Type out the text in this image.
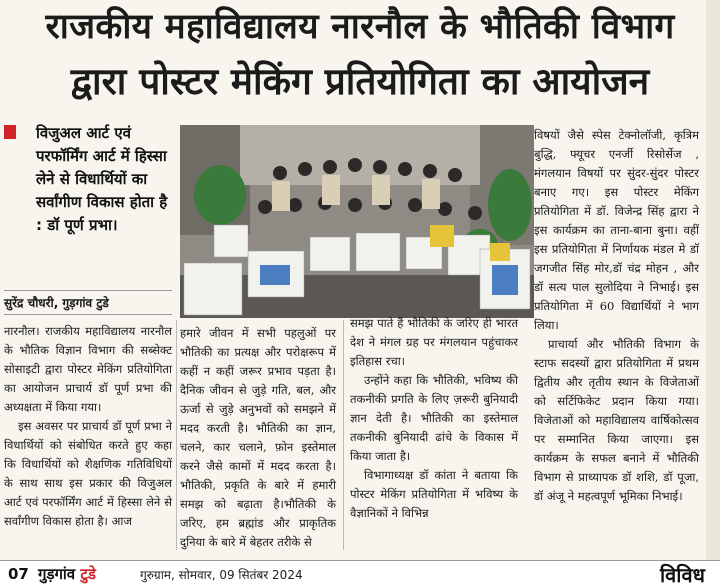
राजकीय महाविद्यालय नारनौल के भौतिकी विभाग
द्वारा पोस्टर मेकिंग प्रतियोगिता का आयोजन
विजुअल आर्ट एवं परफॉर्मिंग आर्ट में हिस्सा लेने से विधार्थियों का सर्वांगीण विकास होता है : डॉ पूर्ण प्रभा।
सुरेंद्र चौधरी, गुड़गांव टुडे

नारनौल। राजकीय महाविद्यालय नारनौल के भौतिक विज्ञान विभाग की सब्सेक्ट सोसाइटी द्वारा पोस्टर मेकिंग प्रतियोगिता का आयोजन प्राचार्य डॉ पूर्ण प्रभा की अध्यक्षता में किया गया।

इस अवसर पर प्राचार्य डॉ पूर्ण प्रभा ने विधार्थियों को संबोधित करते हुए कहा कि विधार्थियों को शैक्षणिक गतिविधियों के साथ साथ इस प्रकार की विजुअल आर्ट एवं परफॉर्मिंग आर्ट में हिस्सा लेने से सर्वांगीण विकास होता है। आज

हमारे जीवन में सभी पहलुओं पर भौतिकी का प्रत्यक्ष और परोक्षरूप में कहीं न कहीं जरूर प्रभाव पड़ता है। दैनिक जीवन से जुड़े गति, बल, और ऊर्जा से जुड़े अनुभवों को समझने में मदद करती है। भौतिकी का ज्ञान, चलने, कार चलाने, फ़ोन इस्तेमाल करने जैसे कामों में मदद करता है।भौतिकी, प्रकृति के बारे में हमारी समझ को बढ़ाता है।भौतिकी के जरिए, हम ब्रह्मांड और प्राकृतिक दुनिया के बारे में बेहतर तरीके से

समझ पाते हैं भौतिकी के जरिए ही भारत देश ने मंगल ग्रह पर मंगलयान पहुंचाकर इतिहास रचा।

उन्होंने कहा कि भौतिकी, भविष्य की तकनीकी प्रगति के लिए ज़रूरी बुनियादी ज्ञान देती है। भौतिकी का इस्तेमाल तकनीकी बुनियादी ढांचे के विकास में किया जाता है।

विभागाध्यक्ष डॉ कांता ने बताया कि पोस्टर मेकिंग प्रतियोगिता में भविष्य के वैज्ञानिकों ने विभिन्न

विषयों जैसे स्पेस टेक्नोलॉजी, कृत्रिम बुद्धि, फ्यूचर एनर्जी रिसोर्सेज , मंगलयान विषयों पर सुंदर-सुंदर पोस्टर बनाए गए। इस पोस्टर मेकिंग प्रतियोगिता में डॉ. विजेन्द्र सिंह द्वारा ने इस कार्यक्रम का ताना-बाना बुना। वहीं इस प्रतियोगिता में निर्णायक मंडल मे डॉ जगजीत सिंह मोर,डॉ चंद्र मोहन , और डॉ सत्य पाल सुलोदिया ने निभाई। इस प्रतियोगिता में 60 विद्यार्थियों ने भाग लिया।

प्राचार्या और भौतिकी विभाग के स्टाफ सदस्यों द्वारा प्रतियोगिता में प्रथम द्वितीय और तृतीय स्थान के विजेताओं को सर्टिफिकेट प्रदान किया गया। विजेताओं को महाविद्यालय वार्षिकोत्सव पर सम्मानित किया जाएगा। इस कार्यक्रम के सफल बनाने में भौतिकी विभाग से प्राध्यापक डॉ शशि, डॉ पूजा, डॉ अंजू ने महत्वपूर्ण भूमिका निभाई।

07 गुड़गांव टुडे	गुरुग्राम, सोमवार, 09 सितंबर 2024	विविध
